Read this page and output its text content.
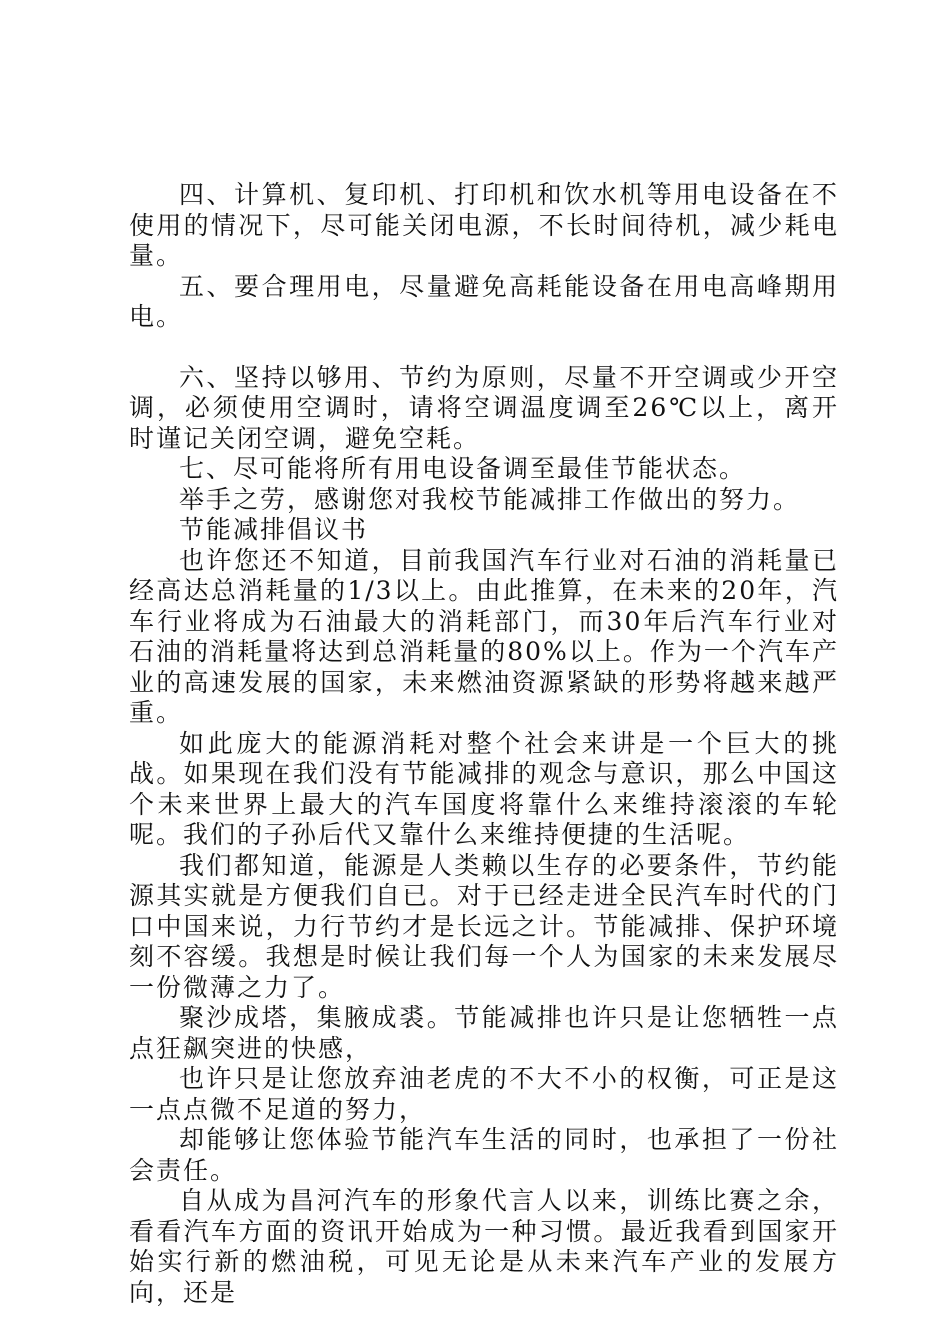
四、计算机、复印机、打印机和饮水机等用电设备在不使用的情况下，尽可能关闭电源，不长时间待机，减少耗电量。

五、要合理用电，尽量避免高耗能设备在用电高峰期用电。

六、坚持以够用、节约为原则，尽量不开空调或少开空调，必须使用空调时，请将空调温度调至26℃以上，离开时谨记关闭空调，避免空耗。

七、尽可能将所有用电设备调至最佳节能状态。

举手之劳，感谢您对我校节能减排工作做出的努力。

节能减排倡议书

也许您还不知道，目前我国汽车行业对石油的消耗量已经高达总消耗量的1/3以上。由此推算，在未来的20年，汽车行业将成为石油最大的消耗部门，而30年后汽车行业对石油的消耗量将达到总消耗量的80%以上。作为一个汽车产业的高速发展的国家，未来燃油资源紧缺的形势将越来越严重。

如此庞大的能源消耗对整个社会来讲是一个巨大的挑战。如果现在我们没有节能减排的观念与意识，那么中国这个未来世界上最大的汽车国度将靠什么来维持滚滚的车轮呢。我们的子孙后代又靠什么来维持便捷的生活呢。

我们都知道，能源是人类赖以生存的必要条件，节约能源其实就是方便我们自已。对于已经走进全民汽车时代的门口中国来说，力行节约才是长远之计。节能减排、保护环境刻不容缓。我想是时候让我们每一个人为国家的未来发展尽一份微薄之力了。

聚沙成塔，集腋成裘。节能减排也许只是让您牺牲一点点狂飙突进的快感，

也许只是让您放弃油老虎的不大不小的权衡，可正是这一点点微不足道的努力，

却能够让您体验节能汽车生活的同时，也承担了一份社会责任。

自从成为昌河汽车的形象代言人以来，训练比赛之余，看看汽车方面的资讯开始成为一种习惯。最近我看到国家开始实行新的燃油税，可见无论是从未来汽车产业的发展方向，还是
